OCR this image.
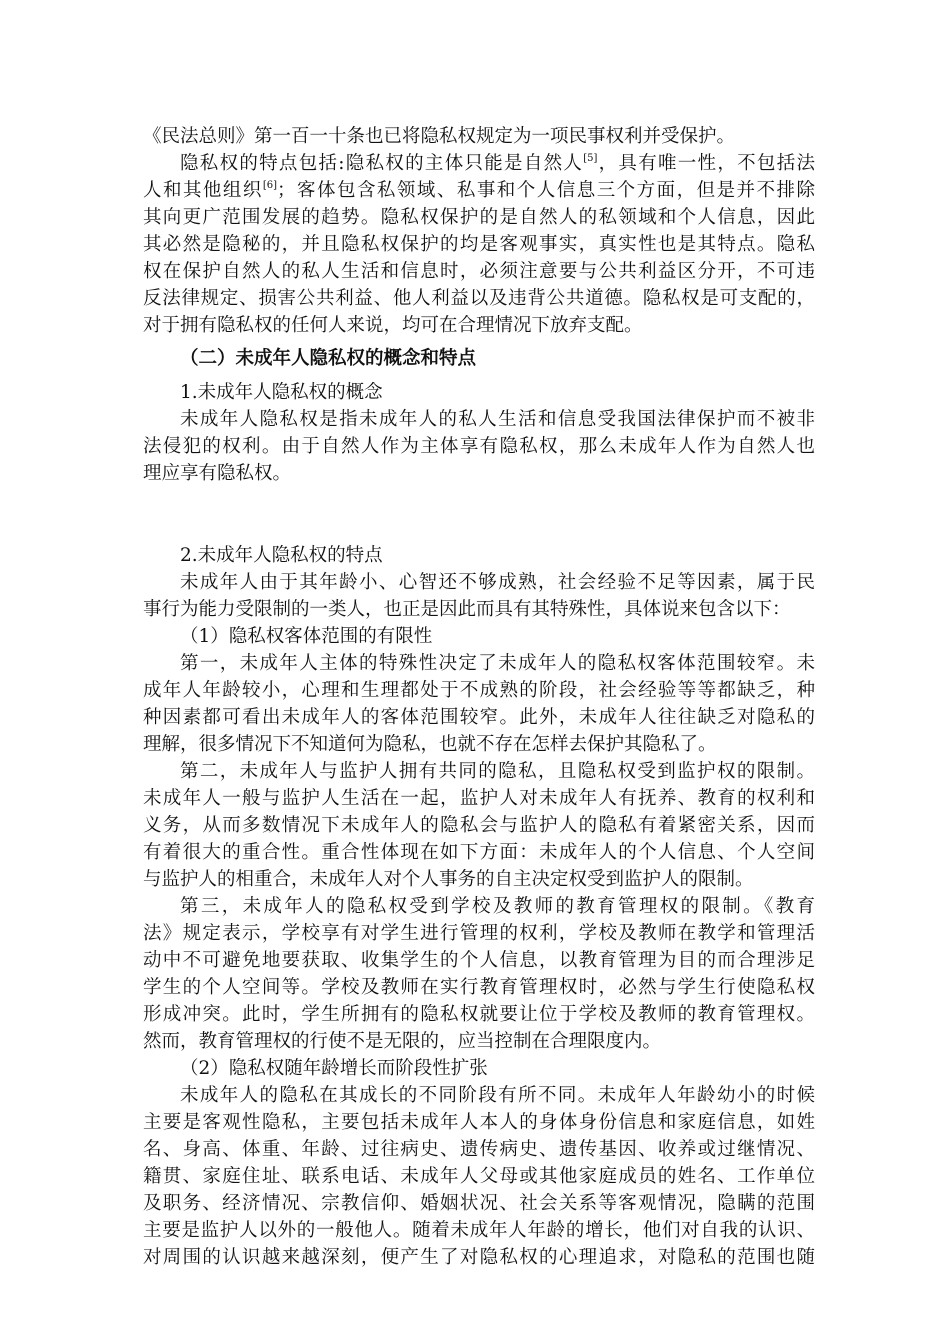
《民法总则》第一百一十条也已将隐私权规定为一项民事权利并受保护。
隐私权的特点包括:隐私权的主体只能是自然人[5]，具有唯一性，不包括法
人和其他组织[6]；客体包含私领域、私事和个人信息三个方面，但是并不排除
其向更广范围发展的趋势。隐私权保护的是自然人的私领域和个人信息，因此
其必然是隐秘的，并且隐私权保护的均是客观事实，真实性也是其特点。隐私
权在保护自然人的私人生活和信息时，必须注意要与公共利益区分开，不可违
反法律规定、损害公共利益、他人利益以及违背公共道德。隐私权是可支配的，
对于拥有隐私权的任何人来说，均可在合理情况下放弃支配。
（二）未成年人隐私权的概念和特点
1.未成年人隐私权的概念
未成年人隐私权是指未成年人的私人生活和信息受我国法律保护而不被非
法侵犯的权利。由于自然人作为主体享有隐私权，那么未成年人作为自然人也
理应享有隐私权。
2.未成年人隐私权的特点
未成年人由于其年龄小、心智还不够成熟，社会经验不足等因素，属于民
事行为能力受限制的一类人，也正是因此而具有其特殊性，具体说来包含以下：
（1）隐私权客体范围的有限性
第一，未成年人主体的特殊性决定了未成年人的隐私权客体范围较窄。未
成年人年龄较小，心理和生理都处于不成熟的阶段，社会经验等等都缺乏，种
种因素都可看出未成年人的客体范围较窄。此外，未成年人往往缺乏对隐私的
理解，很多情况下不知道何为隐私，也就不存在怎样去保护其隐私了。
第二，未成年人与监护人拥有共同的隐私，且隐私权受到监护权的限制。
未成年人一般与监护人生活在一起，监护人对未成年人有抚养、教育的权利和
义务，从而多数情况下未成年人的隐私会与监护人的隐私有着紧密关系，因而
有着很大的重合性。重合性体现在如下方面：未成年人的个人信息、个人空间
与监护人的相重合，未成年人对个人事务的自主决定权受到监护人的限制。
第三，未成年人的隐私权受到学校及教师的教育管理权的限制。《教育
法》规定表示，学校享有对学生进行管理的权利，学校及教师在教学和管理活
动中不可避免地要获取、收集学生的个人信息，以教育管理为目的而合理涉足
学生的个人空间等。学校及教师在实行教育管理权时，必然与学生行使隐私权
形成冲突。此时，学生所拥有的隐私权就要让位于学校及教师的教育管理权。
然而，教育管理权的行使不是无限的，应当控制在合理限度内。
（2）隐私权随年龄增长而阶段性扩张
未成年人的隐私在其成长的不同阶段有所不同。未成年人年龄幼小的时候
主要是客观性隐私，主要包括未成年人本人的身体身份信息和家庭信息，如姓
名、身高、体重、年龄、过往病史、遗传病史、遗传基因、收养或过继情况、
籍贯、家庭住址、联系电话、未成年人父母或其他家庭成员的姓名、工作单位
及职务、经济情况、宗教信仰、婚姻状况、社会关系等客观情况，隐瞒的范围
主要是监护人以外的一般他人。随着未成年人年龄的增长，他们对自我的认识、
对周围的认识越来越深刻，便产生了对隐私权的心理追求，对隐私的范围也随
